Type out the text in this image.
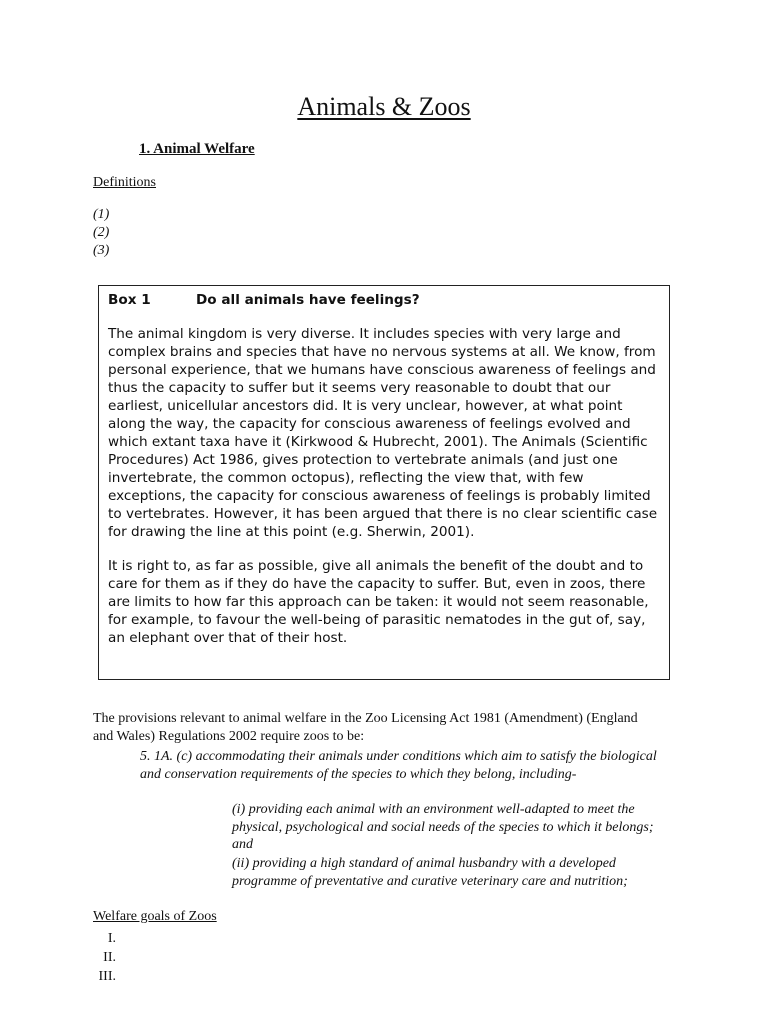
Animals & Zoos
1. Animal Welfare
Definitions
(1)
(2)
(3)
Box 1	Do all animals have feelings?

The animal kingdom is very diverse. It includes species with very large and complex brains and species that have no nervous systems at all. We know, from personal experience, that we humans have conscious awareness of feelings and thus the capacity to suffer but it seems very reasonable to doubt that our earliest, unicellular ancestors did. It is very unclear, however, at what point along the way, the capacity for conscious awareness of feelings evolved and which extant taxa have it (Kirkwood & Hubrecht, 2001). The Animals (Scientific Procedures) Act 1986, gives protection to vertebrate animals (and just one invertebrate, the common octopus), reflecting the view that, with few exceptions, the capacity for conscious awareness of feelings is probably limited to vertebrates. However, it has been argued that there is no clear scientific case for drawing the line at this point (e.g. Sherwin, 2001).

It is right to, as far as possible, give all animals the benefit of the doubt and to care for them as if they do have the capacity to suffer. But, even in zoos, there are limits to how far this approach can be taken: it would not seem reasonable, for example, to favour the well-being of parasitic nematodes in the gut of, say, an elephant over that of their host.

The provisions relevant to animal welfare in the Zoo Licensing Act 1981 (Amendment) (England and Wales) Regulations 2002 require zoos to be:

5. 1A. (c) accommodating their animals under conditions which aim to satisfy the biological and conservation requirements of the species to which they belong, including-

(i) providing each animal with an environment well-adapted to meet the physical, psychological and social needs of the species to which it belongs; and

(ii) providing a high standard of animal husbandry with a developed programme of preventative and curative veterinary care and nutrition;

Welfare goals of Zoos
I.
II.
III.
